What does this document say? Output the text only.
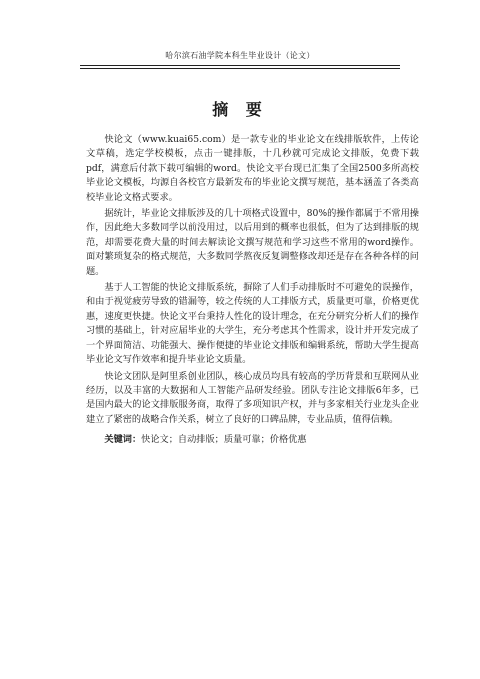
哈尔滨石油学院本科生毕业设计（论文）
摘 要

快论文（www.kuai65.com）是一款专业的毕业论文在线排版软件，上传论文草稿，选定学校模板，点击一键排版，十几秒就可完成论文排版，免费下载pdf，满意后付款下载可编辑的word。快论文平台现已汇集了全国2500多所高校毕业论文模板，均源自各校官方最新发布的毕业论文撰写规范，基本涵盖了各类高校毕业论文格式要求。

据统计，毕业论文排版涉及的几十项格式设置中，80%的操作都属于不常用操作，因此绝大多数同学以前没用过，以后用到的概率也很低，但为了达到排版的规范，却需要花费大量的时间去解读论文撰写规范和学习这些不常用的word操作。面对繁琐复杂的格式规范，大多数同学熬夜反复调整修改却还是存在各种各样的问题。

基于人工智能的快论文排版系统，摒除了人们手动排版时不可避免的误操作，和由于视觉疲劳导致的错漏等，较之传统的人工排版方式，质量更可靠，价格更优惠，速度更快捷。快论文平台秉持人性化的设计理念，在充分研究分析人们的操作习惯的基础上，针对应届毕业的大学生，充分考虑其个性需求，设计并开发完成了一个界面简洁、功能强大、操作便捷的毕业论文排版和编辑系统，帮助大学生提高毕业论文写作效率和提升毕业论文质量。

快论文团队是阿里系创业团队，核心成员均具有较高的学历背景和互联网从业经历，以及丰富的大数据和人工智能产品研发经验。团队专注论文排版6年多，已是国内最大的论文排版服务商，取得了多项知识产权，并与多家相关行业龙头企业建立了紧密的战略合作关系，树立了良好的口碑品牌，专业品质，值得信赖。

关键词：快论文；自动排版；质量可靠；价格优惠
